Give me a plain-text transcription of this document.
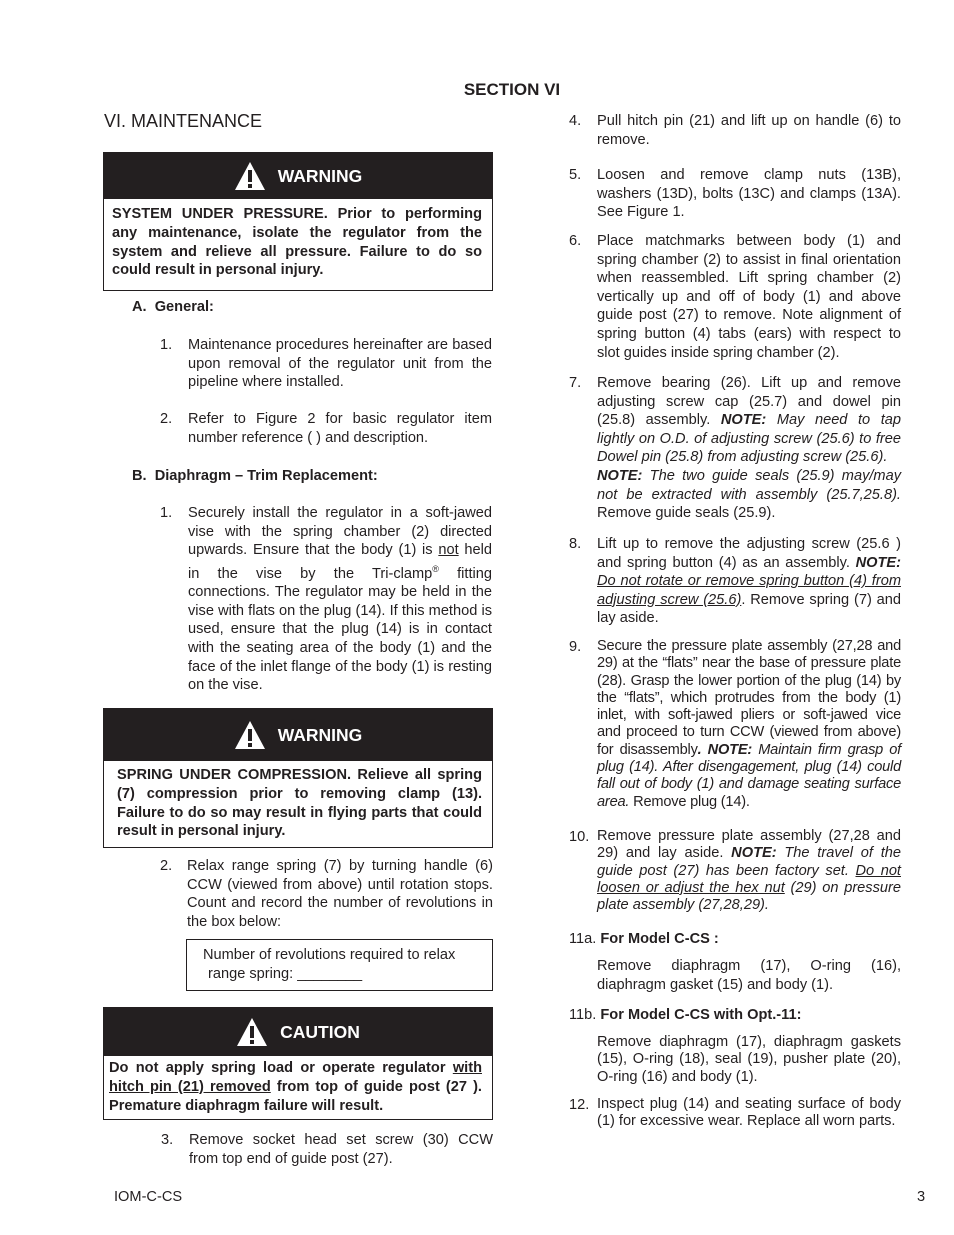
SECTION VI
VI. MAINTENANCE
WARNING
SYSTEM UNDER PRESSURE. Prior to performing any maintenance, isolate the regulator from the system and relieve all pressure. Failure to do so could result in personal injury.
A.  General:
1. Maintenance procedures hereinafter are based upon removal of the regulator unit from the pipeline where installed.
2. Refer to Figure 2 for basic regulator item number reference ( ) and description.
B.  Diaphragm – Trim Replacement:
1. Securely install the regulator in a soft-jawed vise with the spring chamber (2) directed upwards. Ensure that the body (1) is not held in the vise by the Tri-clamp® fitting connections. The regulator may be held in the vise with flats on the plug (14). If this method is used, ensure that the plug (14) is in contact with the seating area of the body (1) and the face of the inlet flange of the body (1) is resting on the vise.
WARNING
SPRING UNDER COMPRESSION. Relieve all spring (7) compression prior to removing clamp (13). Failure to do so may result in flying parts that could result in personal injury.
2. Relax range spring (7) by turning handle (6) CCW (viewed from above) until rotation stops. Count and record the number of revolutions in the box below:
Number of revolutions required to relax
range spring: ________
CAUTION
Do not apply spring load or operate regulator with hitch pin (21) removed from top of guide post (27 ). Premature diaphragm failure will result.
3. Remove socket head set screw (30) CCW from top end of guide post (27).
4. Pull hitch pin (21) and lift up on handle (6) to remove.
5. Loosen and remove clamp nuts (13B), washers (13D), bolts (13C) and clamps (13A). See Figure 1.
6. Place matchmarks between body (1) and spring chamber (2) to assist in final orientation when reassembled. Lift spring chamber (2) vertically up and off of body (1) and above guide post (27) to remove. Note alignment of spring button (4) tabs (ears) with respect to slot guides inside spring chamber (2).
7. Remove bearing (26). Lift up and remove adjusting screw cap (25.7) and dowel pin (25.8) assembly. NOTE: May need to tap lightly on O.D. of adjusting screw (25.6) to free Dowel pin (25.8) from adjusting screw (25.6).
NOTE: The two guide seals (25.9) may/may not be extracted with assembly (25.7,25.8). Remove guide seals (25.9).
8. Lift up to remove the adjusting screw (25.6 ) and spring button (4) as an assembly. NOTE: Do not rotate or remove spring button (4) from adjusting screw (25.6). Remove spring (7) and lay aside.
9. Secure the pressure plate assembly (27,28 and 29) at the “flats” near the base of pressure plate (28). Grasp the lower portion of the plug (14) by the “flats”, which protrudes from the body (1) inlet, with soft-jawed pliers or soft-jawed vice and proceed to turn CCW (viewed from above) for disassembly. NOTE: Maintain firm grasp of plug (14). After disengagement, plug (14) could fall out of body (1) and damage seating surface area. Remove plug (14).
10. Remove pressure plate assembly (27,28 and 29) and lay aside. NOTE: The travel of the guide post (27) has been factory set. Do not loosen or adjust the hex nut (29) on pressure plate assembly (27,28,29).
11a. For Model C-CS :
Remove diaphragm (17), O-ring (16), diaphragm gasket (15) and body (1).
11b. For Model C-CS with Opt.-11:
Remove diaphragm (17), diaphragm gaskets (15), O-ring (18), seal (19), pusher plate (20), O-ring (16) and body (1).
12. Inspect plug (14) and seating surface of body (1) for excessive wear. Replace all worn parts.
IOM-C-CS	3
